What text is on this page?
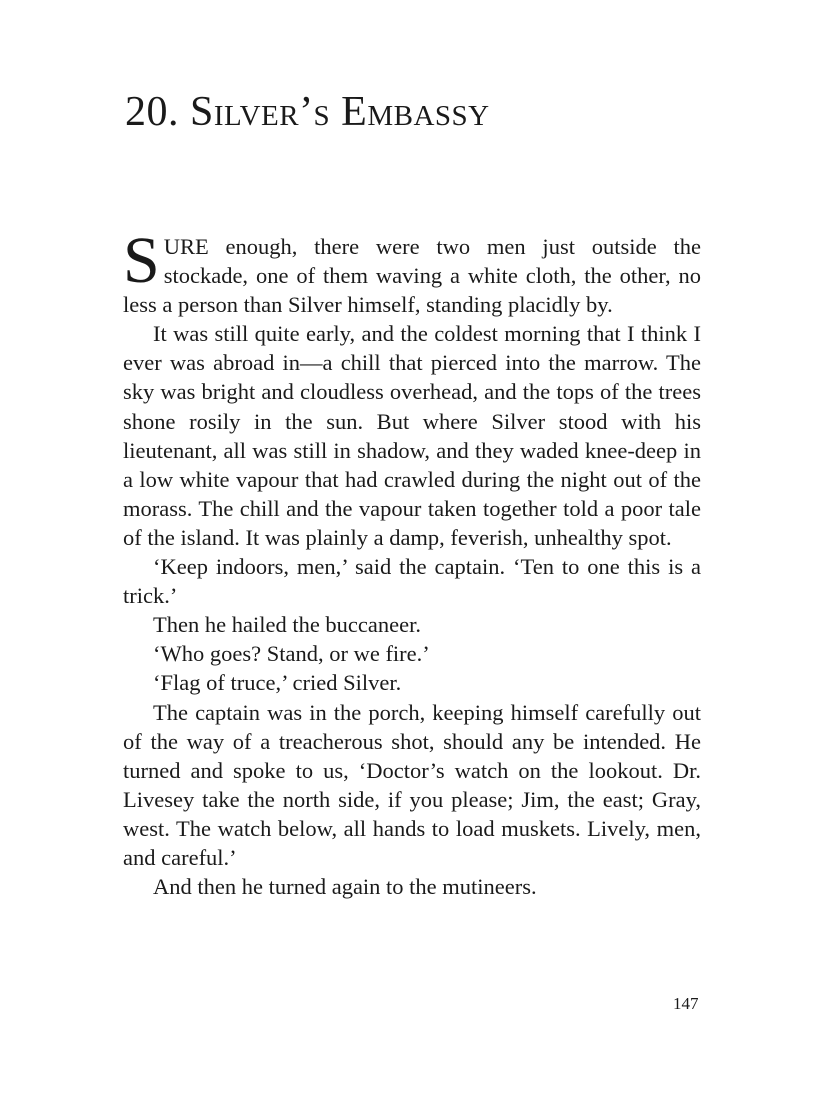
20. Silver’s Embassy

SURE enough, there were two men just outside the stockade, one of them waving a white cloth, the other, no less a person than Silver himself, standing placidly by.

It was still quite early, and the coldest morning that I think I ever was abroad in—a chill that pierced into the marrow. The sky was bright and cloudless overhead, and the tops of the trees shone rosily in the sun. But where Silver stood with his lieutenant, all was still in shadow, and they waded knee-deep in a low white vapour that had crawled during the night out of the morass. The chill and the vapour taken together told a poor tale of the island. It was plainly a damp, feverish, unhealthy spot.

‘Keep indoors, men,’ said the captain. ‘Ten to one this is a trick.’

Then he hailed the buccaneer.

‘Who goes? Stand, or we fire.’

‘Flag of truce,’ cried Silver.

The captain was in the porch, keeping himself carefully out of the way of a treacherous shot, should any be intended. He turned and spoke to us, ‘Doctor’s watch on the lookout. Dr. Livesey take the north side, if you please; Jim, the east; Gray, west. The watch below, all hands to load muskets. Lively, men, and careful.’

And then he turned again to the mutineers.

147
